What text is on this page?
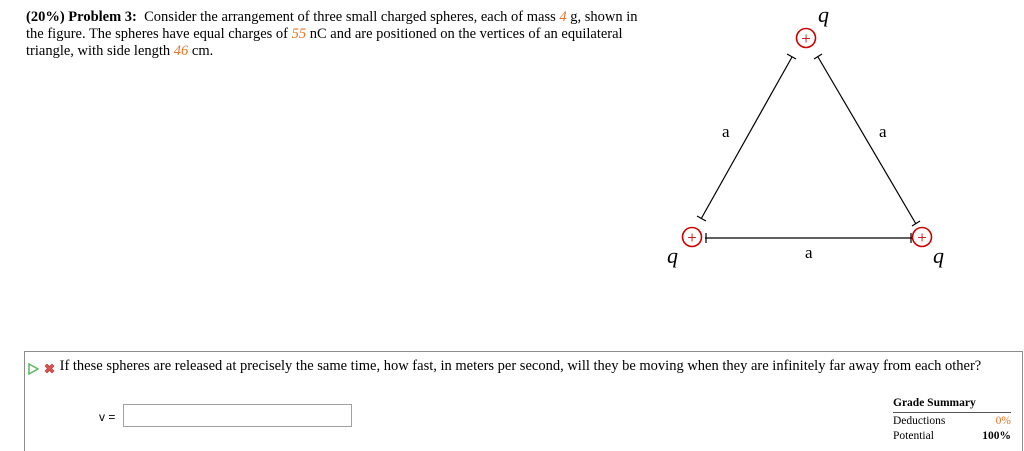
(20%) Problem 3: Consider the arrangement of three small charged spheres, each of mass 4 g, shown in the figure. The spheres have equal charges of 55 nC and are positioned on the vertices of an equilateral triangle, with side length 46 cm.
+
+	+
q
q	q
a	a
a
If these spheres are released at precisely the same time, how fast, in meters per second, will they be moving when they are infinitely far away from each other?
v =
Grade Summary
Deductions	0%
Potential	100%
